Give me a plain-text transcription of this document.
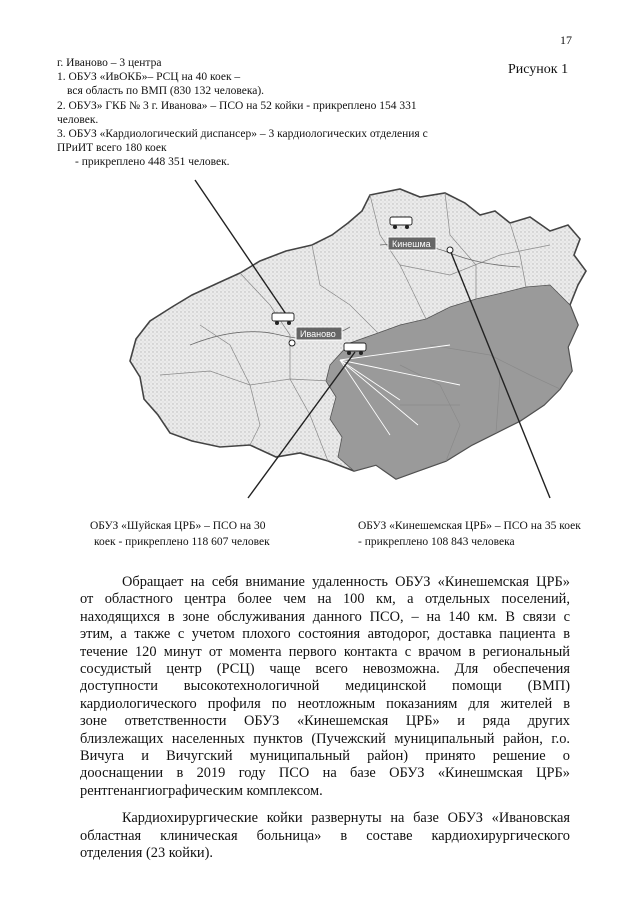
17
Рисунок 1

г. Иваново – 3 центра

1. ОБУЗ «ИвОКБ»– РСЦ на 40 коек –

вся область по ВМП (830 132 человека).

2. ОБУЗ» ГКБ № 3 г. Иванова» – ПСО на 52 койки - прикреплено 154 331

человек.

3. ОБУЗ «Кардиологический диспансер» – 3 кардиологических отделения с

ПРиИТ всего 180 коек

- прикреплено 448 351 человек.

Кинешма
Иваново
ОБУЗ «Шуйская ЦРБ» – ПСО на 30
коек - прикреплено 118 607 человек
ОБУЗ «Кинешемская ЦРБ» – ПСО на 35 коек
- прикреплено 108 843 человека

Обращает на себя внимание удаленность ОБУЗ «Кинешемская ЦРБ»
от областного центра более чем на 100 км, а отдельных поселений,
находящихся в зоне обслуживания данного ПСО, – на 140 км. В связи с
этим, а также с учетом плохого состояния автодорог, доставка пациента в
течение 120 минут от момента первого контакта с врачом в региональный
сосудистый центр (РСЦ) чаще всего невозможна. Для обеспечения
доступности высокотехнологичной медицинской помощи (ВМП)
кардиологического профиля по неотложным показаниям для жителей в
зоне ответственности ОБУЗ «Кинешемская ЦРБ» и ряда других
близлежащих населенных пунктов (Пучежский муниципальный район, г.о.
Вичуга и Вичугский муниципальный район) принято решение о
дооснащении в 2019 году ПСО на базе ОБУЗ «Кинешмская ЦРБ»
рентгенангиографическим комплексом.

Кардиохирургические койки развернуты на базе ОБУЗ «Ивановская
областная клиническая больница» в составе кардиохирургического
отделения (23 койки).
